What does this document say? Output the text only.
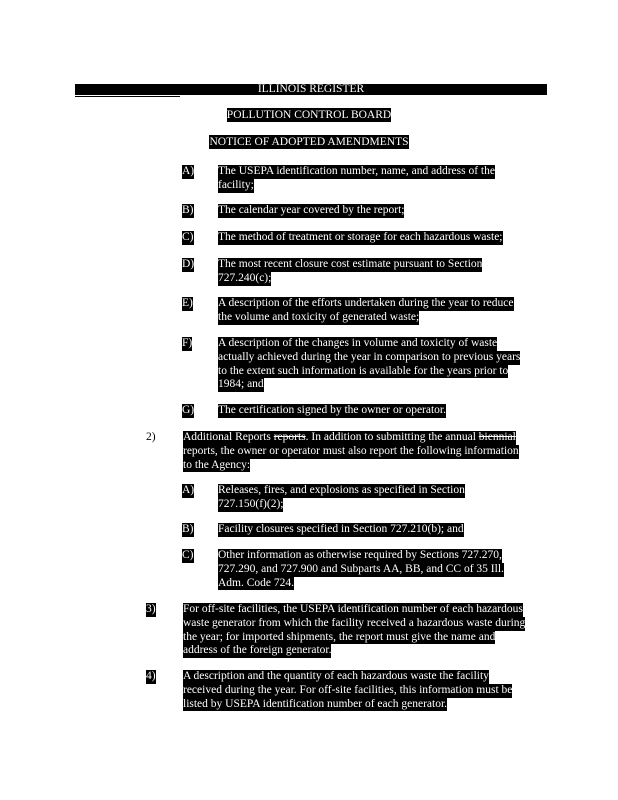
ILLINOIS REGISTER
POLLUTION CONTROL BOARD
NOTICE OF ADOPTED AMENDMENTS
A) The USEPA identification number, name, and address of the
facility;
B) The calendar year covered by the report;
C) The method of treatment or storage for each hazardous waste;
D) The most recent closure cost estimate pursuant to Section
727.240(c);
E) A description of the efforts undertaken during the year to reduce
the volume and toxicity of generated waste;
F) A description of the changes in volume and toxicity of waste
actually achieved during the year in comparison to previous years
to the extent such information is available for the years prior to
1984; and
G) The certification signed by the owner or operator.
2) Additional Reports reports. In addition to submitting the annual biennial
reports, the owner or operator must also report the following information
to the Agency:
A) Releases, fires, and explosions as specified in Section
727.150(f)(2);
B) Facility closures specified in Section 727.210(b); and
C) Other information as otherwise required by Sections 727.270,
727.290, and 727.900 and Subparts AA, BB, and CC of 35 Ill.
Adm. Code 724.
3) For off-site facilities, the USEPA identification number of each hazardous
waste generator from which the facility received a hazardous waste during
the year; for imported shipments, the report must give the name and
address of the foreign generator.
4) A description and the quantity of each hazardous waste the facility
received during the year. For off-site facilities, this information must be
listed by USEPA identification number of each generator.
